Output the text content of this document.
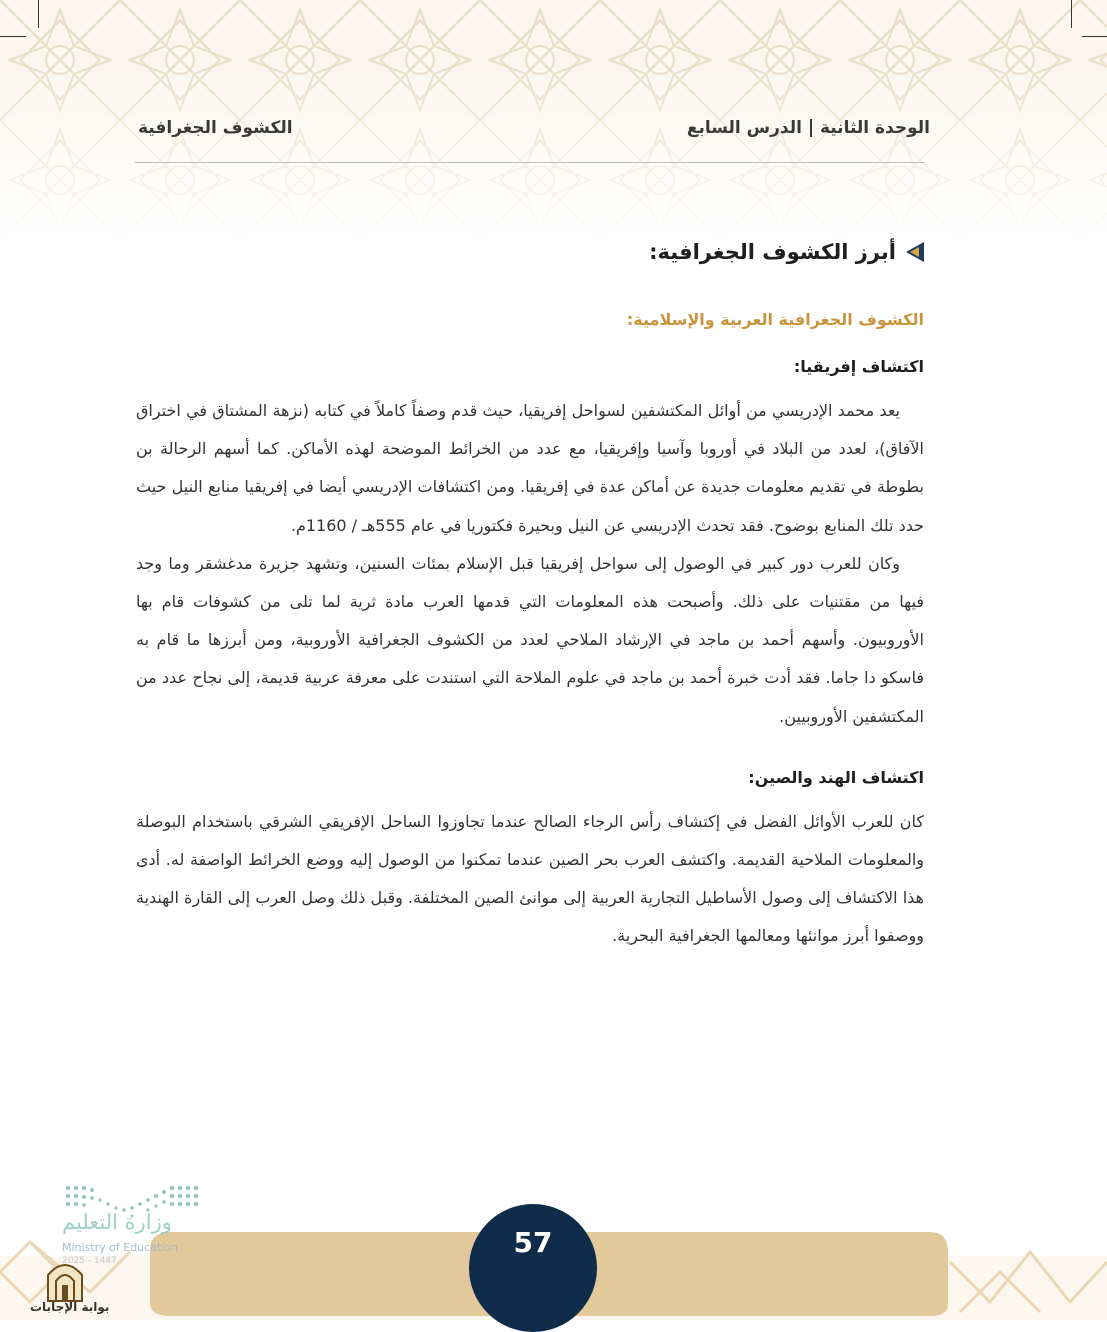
الوحدة الثانيةالدرس السابع
الكشوف الجغرافية
أبرز الكشوف الجغرافية:
الكشوف الجغرافية العربية والإسلامية:
اكتشاف إفريقيا:

يعد محمد الإدريسي من أوائل المكتشفين لسواحل إفريقيا، حيث قدم وصفاً كاملاً في كتابه (نزهة المشتاق في اختراق الآفاق)، لعدد من البلاد في أوروبا وآسيا وإفريقيا، مع عدد من الخرائط الموضحة لهذه الأماكن. كما أسهم الرحالة بن بطوطة في تقديم معلومات جديدة عن أماكن عدة في إفريقيا. ومن اكتشافات الإدريسي أيضا في إفريقيا منابع النيل حيث حدد تلك المنابع بوضوح. فقد تحدث الإدريسي عن النيل وبحيرة فكتوريا في عام 555هـ / 1160م.

وكان للعرب دور كبير في الوصول إلى سواحل إفريقيا قبل الإسلام بمئات السنين، وتشهد جزيرة مدغشقر وما وجد فيها من مقتنيات على ذلك. وأصبحت هذه المعلومات التي قدمها العرب مادة ثرية لما تلى من كشوفات قام بها الأوروبيون. وأسهم أحمد بن ماجد في الإرشاد الملاحي لعدد من الكشوف الجغرافية الأوروبية، ومن أبرزها ما قام به فاسكو دا جاما. فقد أدت خبرة أحمد بن ماجد في علوم الملاحة التي استندت على معرفة عربية قديمة، إلى نجاح عدد من المكتشفين الأوروبيين.

اكتشاف الهند والصين:

كان للعرب الأوائل الفضل في إكتشاف رأس الرجاء الصالح عندما تجاوزوا الساحل الإفريقي الشرقي باستخدام البوصلة والمعلومات الملاحية القديمة. واكتشف العرب بحر الصين عندما تمكنوا من الوصول إليه ووضع الخرائط الواصفة له. أدى هذا الاكتشاف إلى وصول الأساطيل التجارية العربية إلى موانئ الصين المختلفة. وقبل ذلك وصل العرب إلى القارة الهندية ووصفوا أبرز موانئها ومعالمها الجغرافية البحرية.

57
وزارة التعليم
Ministry of Education
2025 - 1447
بوابة الإجابات
